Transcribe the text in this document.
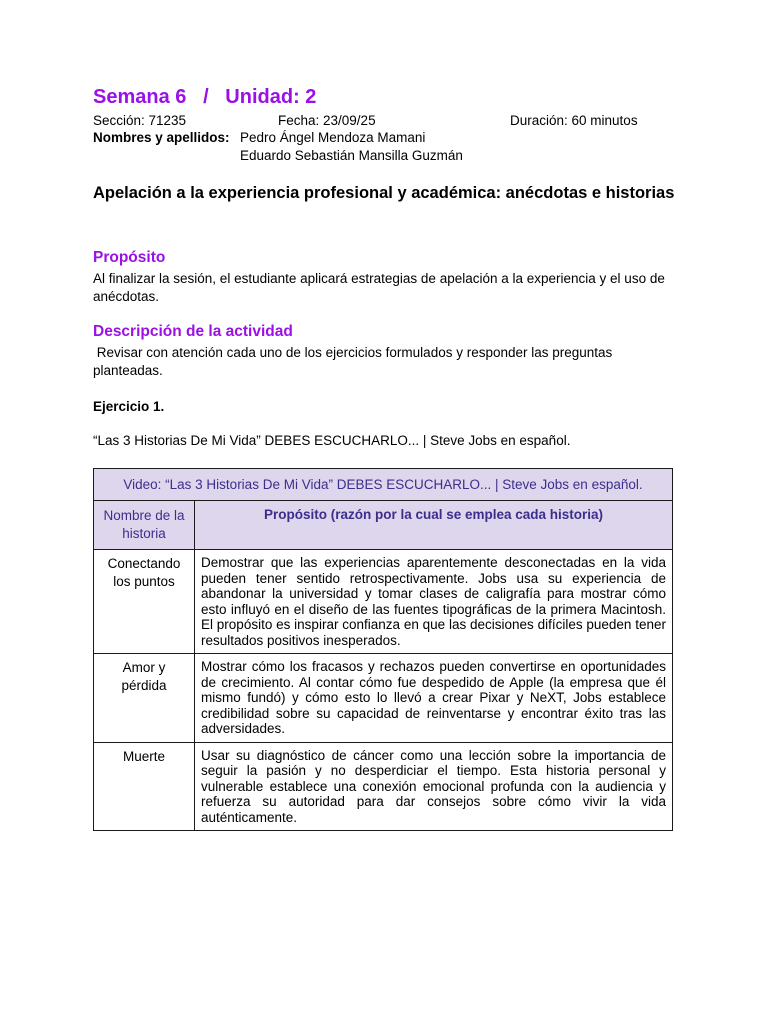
Semana 6 / Unidad: 2
Sección: 71235	Fecha: 23/09/25	Duración: 60 minutos
Nombres y apellidos: Pedro Ángel Mendoza Mamani
Eduardo Sebastián Mansilla Guzmán
Apelación a la experiencia profesional y académica: anécdotas e historias
Propósito

Al finalizar la sesión, el estudiante aplicará estrategias de apelación a la experiencia y el uso de anécdotas.

Descripción de la actividad

Revisar con atención cada uno de los ejercicios formulados y responder las preguntas planteadas.

Ejercicio 1.
“Las 3 Historias De Mi Vida” DEBES ESCUCHARLO... | Steve Jobs en español.
Video: “Las 3 Historias De Mi Vida” DEBES ESCUCHARLO... | Steve Jobs en español.	
Nombre de la historia	Propósito (razón por la cual se emplea cada historia)
Conectando los puntos	Demostrar que las experiencias aparentemente desconectadas en la vida pueden tener sentido retrospectivamente. Jobs usa su experiencia de abandonar la universidad y tomar clases de caligrafía para mostrar cómo esto influyó en el diseño de las fuentes tipográficas de la primera Macintosh. El propósito es inspirar confianza en que las decisiones difíciles pueden tener resultados positivos inesperados.
Amor y pérdida	Mostrar cómo los fracasos y rechazos pueden convertirse en oportunidades de crecimiento. Al contar cómo fue despedido de Apple (la empresa que él mismo fundó) y cómo esto lo llevó a crear Pixar y NeXT, Jobs establece credibilidad sobre su capacidad de reinventarse y encontrar éxito tras las adversidades.
Muerte	Usar su diagnóstico de cáncer como una lección sobre la importancia de seguir la pasión y no desperdiciar el tiempo. Esta historia personal y vulnerable establece una conexión emocional profunda con la audiencia y refuerza su autoridad para dar consejos sobre cómo vivir la vida auténticamente.
